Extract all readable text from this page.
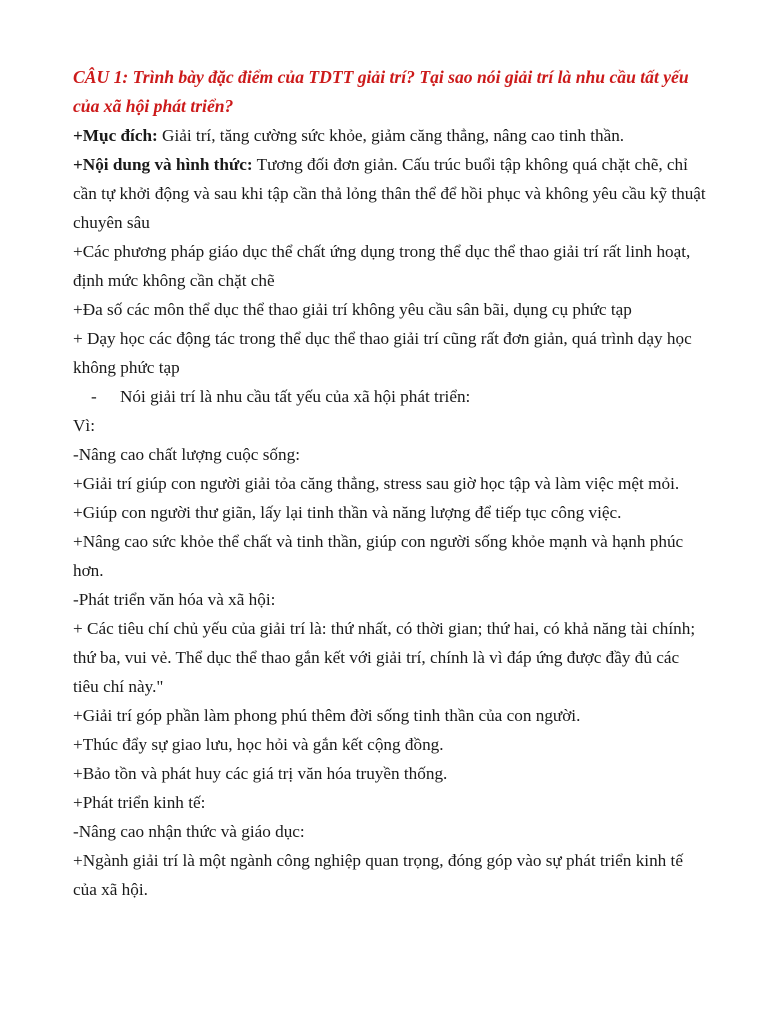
CÂU 1: Trình bày đặc điểm của TDTT giải trí? Tại sao nói giải trí là nhu cầu tất yếu của xã hội phát triển?

+Mục đích: Giải trí, tăng cường sức khỏe, giảm căng thẳng, nâng cao tinh thần.

+Nội dung và hình thức: Tương đối đơn giản. Cấu trúc buổi tập không quá chặt chẽ, chỉ cần tự khởi động và sau khi tập cần thả lỏng thân thể để hồi phục và không yêu cầu kỹ thuật chuyên sâu

+Các phương pháp giáo dục thể chất ứng dụng trong thể dục thể thao giải trí rất linh hoạt, định mức không cần chặt chẽ

+Đa số các môn thể dục thể thao giải trí không yêu cầu sân bãi, dụng cụ phức tạp

+ Dạy học các động tác trong thể dục thể thao giải trí cũng rất đơn giản, quá trình dạy học không phức tạp

-	Nói giải trí là nhu cầu tất yếu của xã hội phát triển:

Vì:

-Nâng cao chất lượng cuộc sống:

+Giải trí giúp con người giải tỏa căng thẳng, stress sau giờ học tập và làm việc mệt mỏi.

+Giúp con người thư giãn, lấy lại tinh thần và năng lượng để tiếp tục công việc.

+Nâng cao sức khỏe thể chất và tinh thần, giúp con người sống khỏe mạnh và hạnh phúc hơn.

-Phát triển văn hóa và xã hội:

+ Các tiêu chí chủ yếu của giải trí là: thứ nhất, có thời gian; thứ hai, có khả năng tài chính; thứ ba, vui vẻ. Thể dục thể thao gắn kết với giải trí, chính là vì đáp ứng được đầy đủ các tiêu chí này."

+Giải trí góp phần làm phong phú thêm đời sống tinh thần của con người.

+Thúc đẩy sự giao lưu, học hỏi và gắn kết cộng đồng.

+Bảo tồn và phát huy các giá trị văn hóa truyền thống.

+Phát triển kinh tế:

-Nâng cao nhận thức và giáo dục:

+Ngành giải trí là một ngành công nghiệp quan trọng, đóng góp vào sự phát triển kinh tế của xã hội.
